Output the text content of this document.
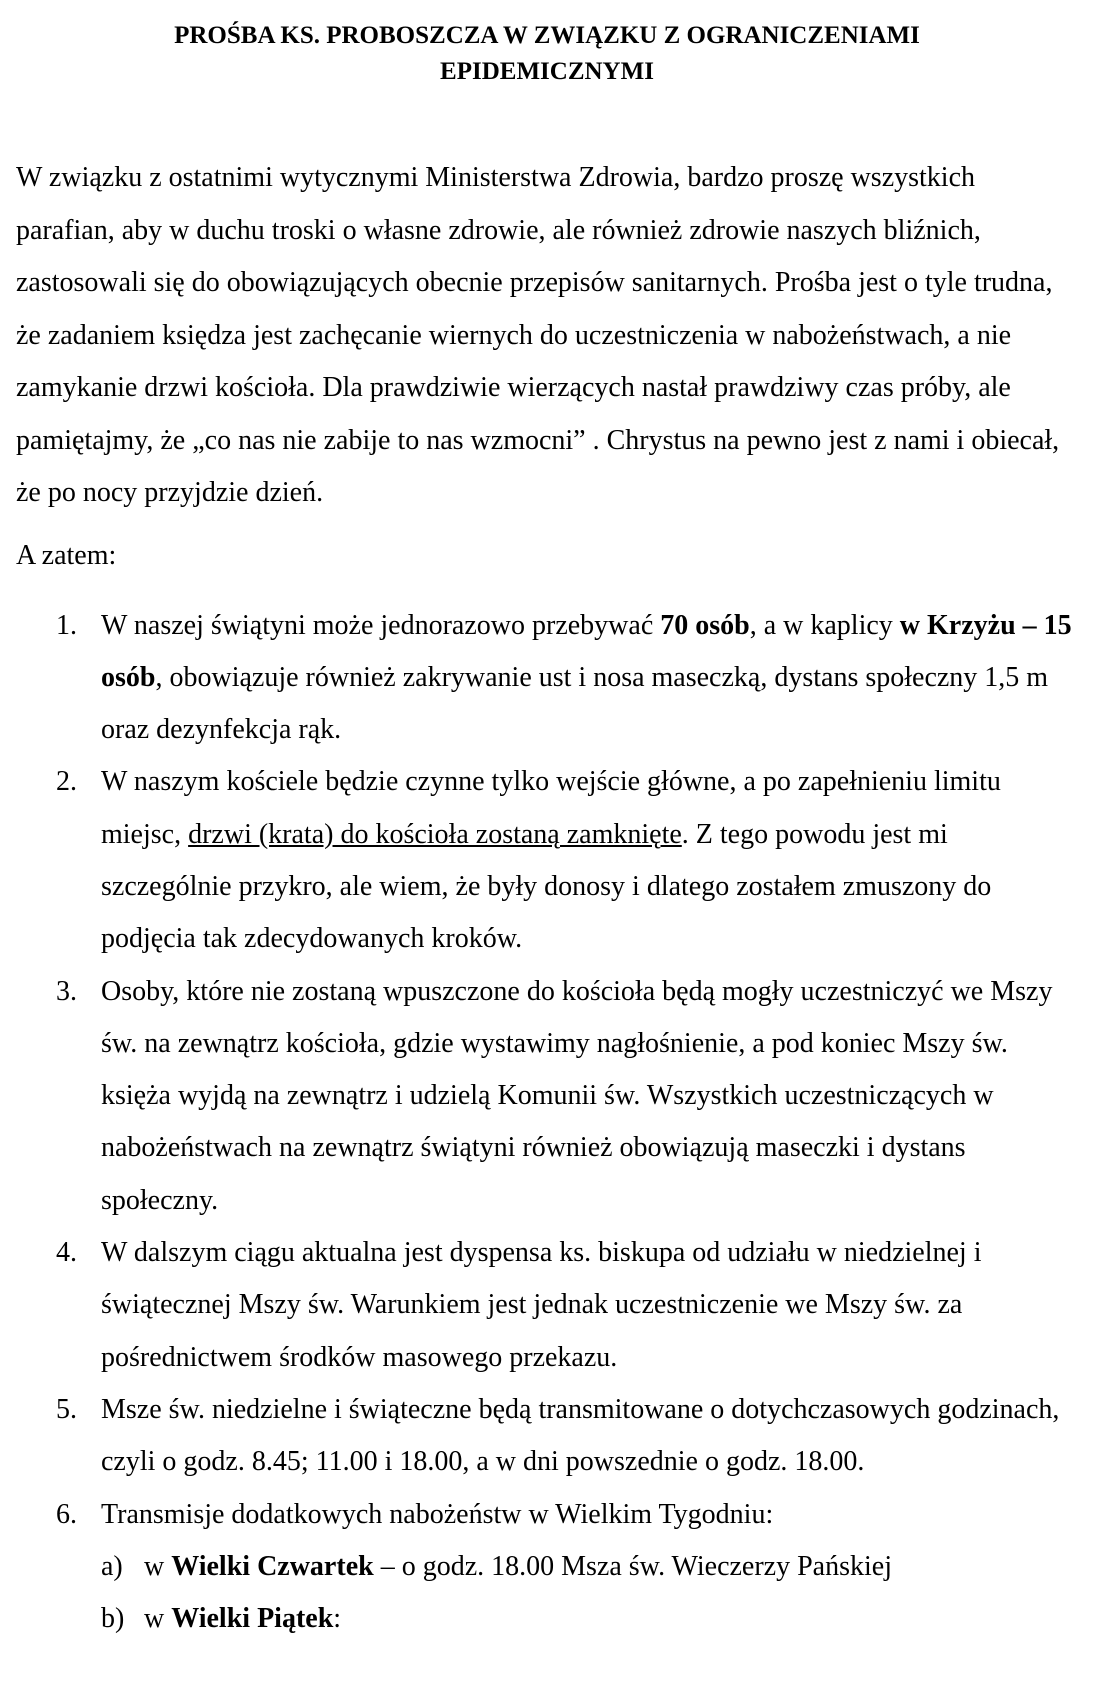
PROŚBA KS. PROBOSZCZA W ZWIĄZKU Z OGRANICZENIAMI
EPIDEMICZNYMI

W związku z ostatnimi wytycznymi Ministerstwa Zdrowia, bardzo proszę wszystkich parafian, aby w duchu troski o własne zdrowie, ale również zdrowie naszych bliźnich, zastosowali się do obowiązujących obecnie przepisów sanitarnych. Prośba jest o tyle trudna, że zadaniem księdza jest zachęcanie wiernych do uczestniczenia w nabożeństwach, a nie zamykanie drzwi kościoła. Dla prawdziwie wierzących nastał prawdziwy czas próby, ale pamiętajmy, że „co nas nie zabije to nas wzmocni” . Chrystus na pewno jest z nami i obiecał, że po nocy przyjdzie dzień.

A zatem:

1. W naszej świątyni może jednorazowo przebywać 70 osób, a w kaplicy w Krzyżu – 15 osób, obowiązuje również zakrywanie ust i nosa maseczką, dystans społeczny 1,5 m oraz dezynfekcja rąk.
2. W naszym kościele będzie czynne tylko wejście główne, a po zapełnieniu limitu miejsc, drzwi (krata) do kościoła zostaną zamknięte. Z tego powodu jest mi szczególnie przykro, ale wiem, że były donosy i dlatego zostałem zmuszony do podjęcia tak zdecydowanych kroków.
3. Osoby, które nie zostaną wpuszczone do kościoła będą mogły uczestniczyć we Mszy św. na zewnątrz kościoła, gdzie wystawimy nagłośnienie, a pod koniec Mszy św. księża wyjdą na zewnątrz i udzielą Komunii św. Wszystkich uczestniczących w nabożeństwach na zewnątrz świątyni również obowiązują maseczki i dystans społeczny.
4. W dalszym ciągu aktualna jest dyspensa ks. biskupa od udziału w niedzielnej i świątecznej Mszy św. Warunkiem jest jednak uczestniczenie we Mszy św. za pośrednictwem środków masowego przekazu.
5. Msze św. niedzielne i świąteczne będą transmitowane o dotychczasowych godzinach, czyli o godz. 8.45; 11.00 i 18.00, a w dni powszednie o godz. 18.00.
6. Transmisje dodatkowych nabożeństw w Wielkim Tygodniu:
a) w Wielki Czwartek – o godz. 18.00 Msza św. Wieczerzy Pańskiej
b) w Wielki Piątek:
